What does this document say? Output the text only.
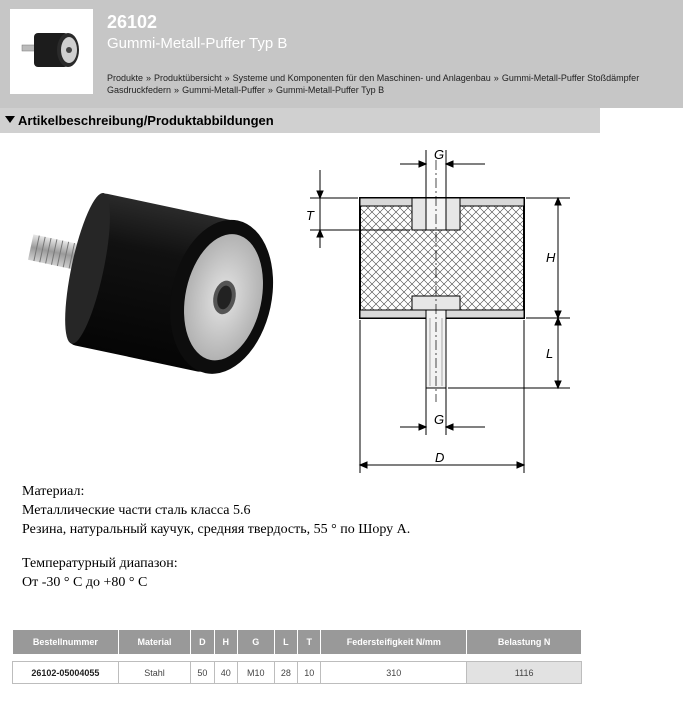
26102
Gummi-Metall-Puffer Typ B
Produkte » Produktübersicht » Systeme und Komponenten für den Maschinen- und Anlagenbau » Gummi-Metall-Puffer Stoßdämpfer Gasdruckfedern » Gummi-Metall-Puffer » Gummi-Metall-Puffer Typ B
Artikelbeschreibung/Produktabbildungen
G
T
H
L
G
D
Материал:
Металлические части сталь класса 5.6
Резина, натуральный каучук, средняя твердость, 55 ° по Шору А.
Температурный диапазон:
От -30 ° C до +80 ° C
Bestellnummer	Material	D	H	G	L	T	Federsteifigkeit N/mm	Belastung N

26102-05004055	Stahl	50	40	M10	28	10	310	1116
